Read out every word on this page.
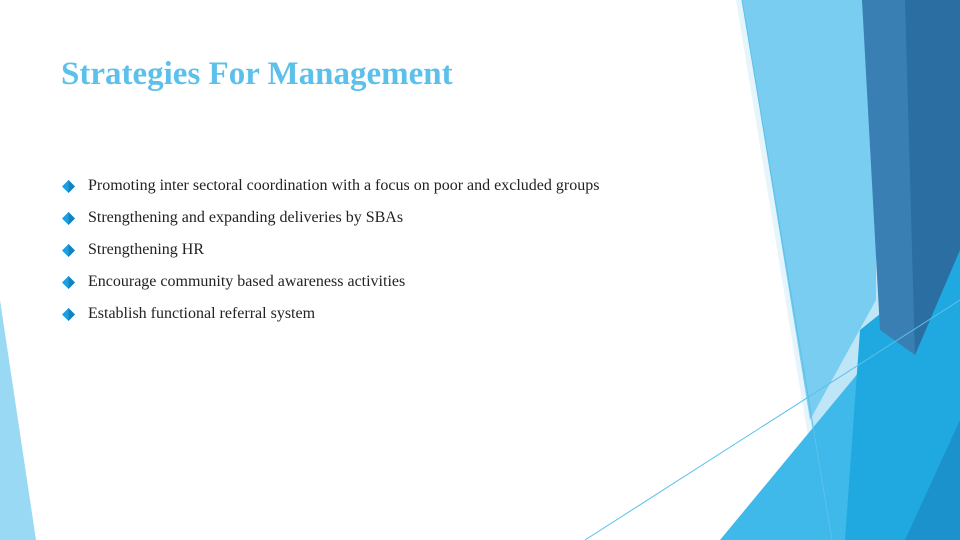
Strategies For Management
Promoting inter sectoral coordination with a focus on poor and excluded groups
Strengthening and expanding deliveries by SBAs
Strengthening HR
Encourage community based awareness activities
Establish functional referral system
